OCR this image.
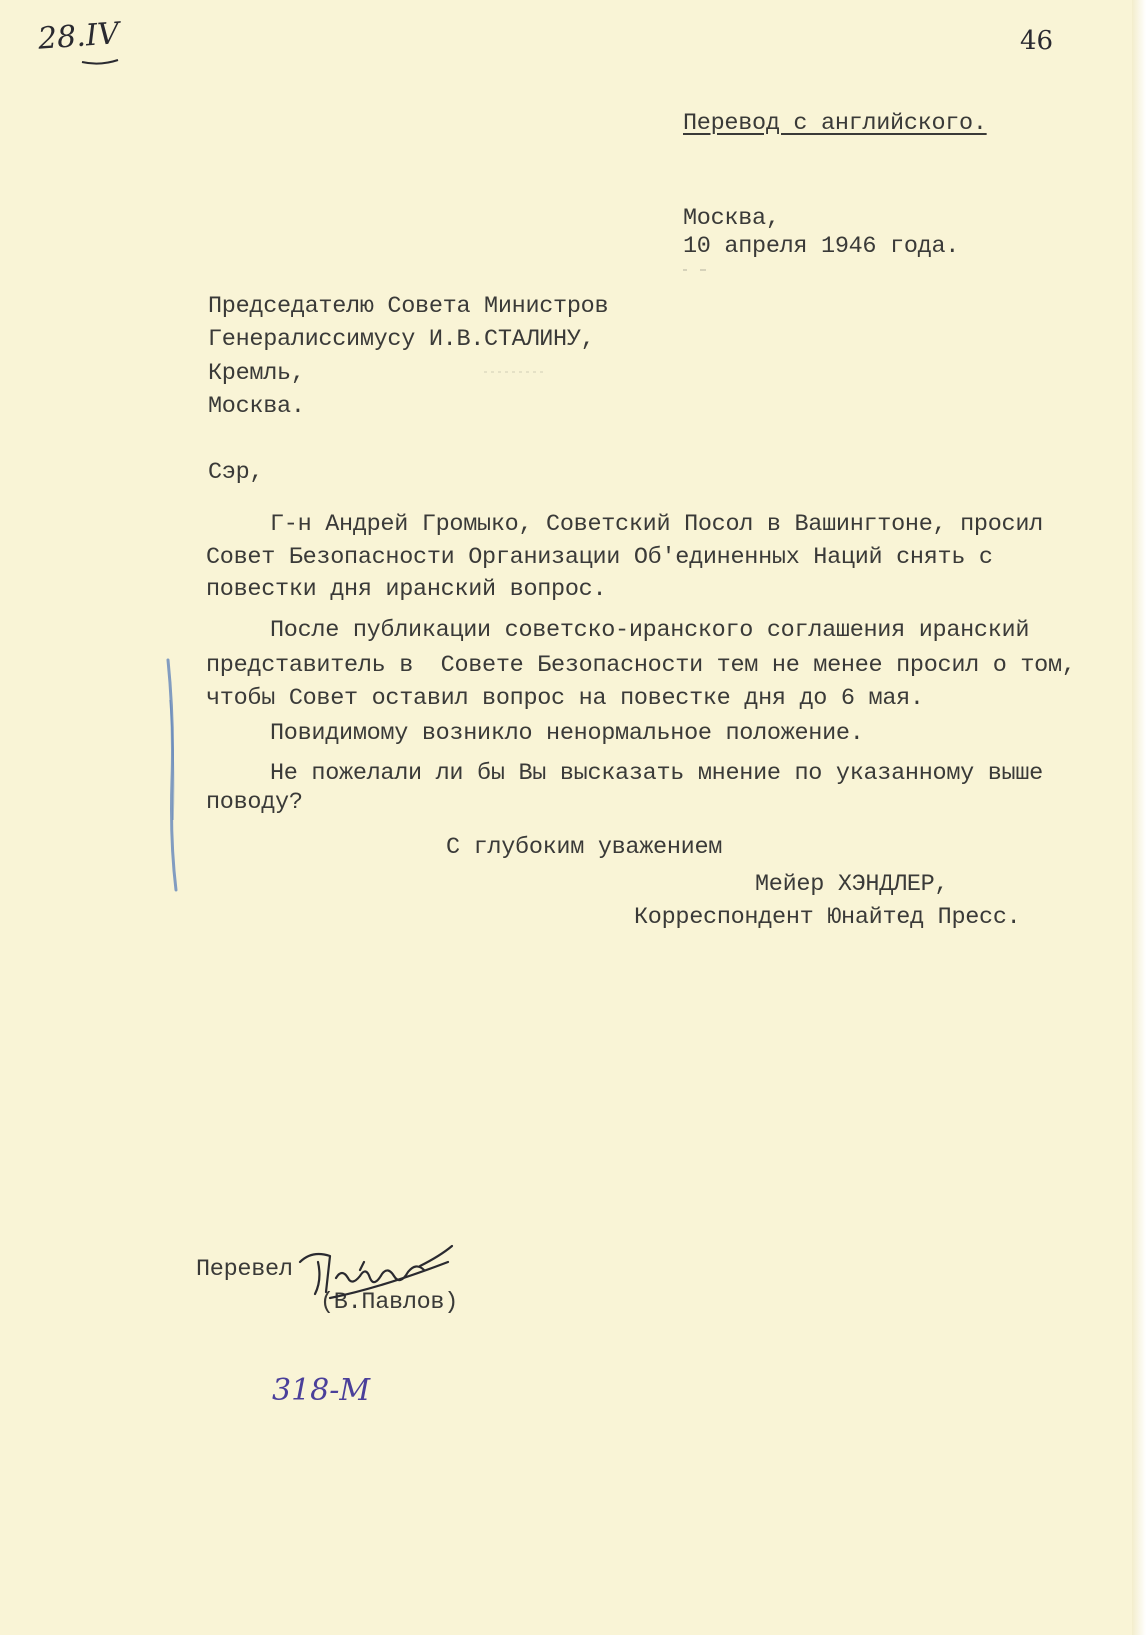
28.IV	46
Перевод с английского.
Москва,
10 апреля 1946 года.
Председателю Совета Министров
Генералиссимусу И.В.СТАЛИНУ,
Кремль,
Москва.
Сэр,
Г-н Андрей Громыко, Советский Посол в Вашингтоне, просил
Совет Безопасности Организации Об'единенных Наций снять с
повестки дня иранский вопрос.
После публикации советско-иранского соглашения иранский
представитель в  Совете Безопасности тем не менее просил о том,
чтобы Совет оставил вопрос на повестке дня до 6 мая.
Повидимому возникло ненормальное положение.
Не пожелали ли бы Вы высказать мнение по указанному выше
поводу?
С глубоким уважением
Мейер ХЭНДЛЕР,
Корреспондент Юнайтед Пресс.
Перевел
(В.Павлов)
318-М
